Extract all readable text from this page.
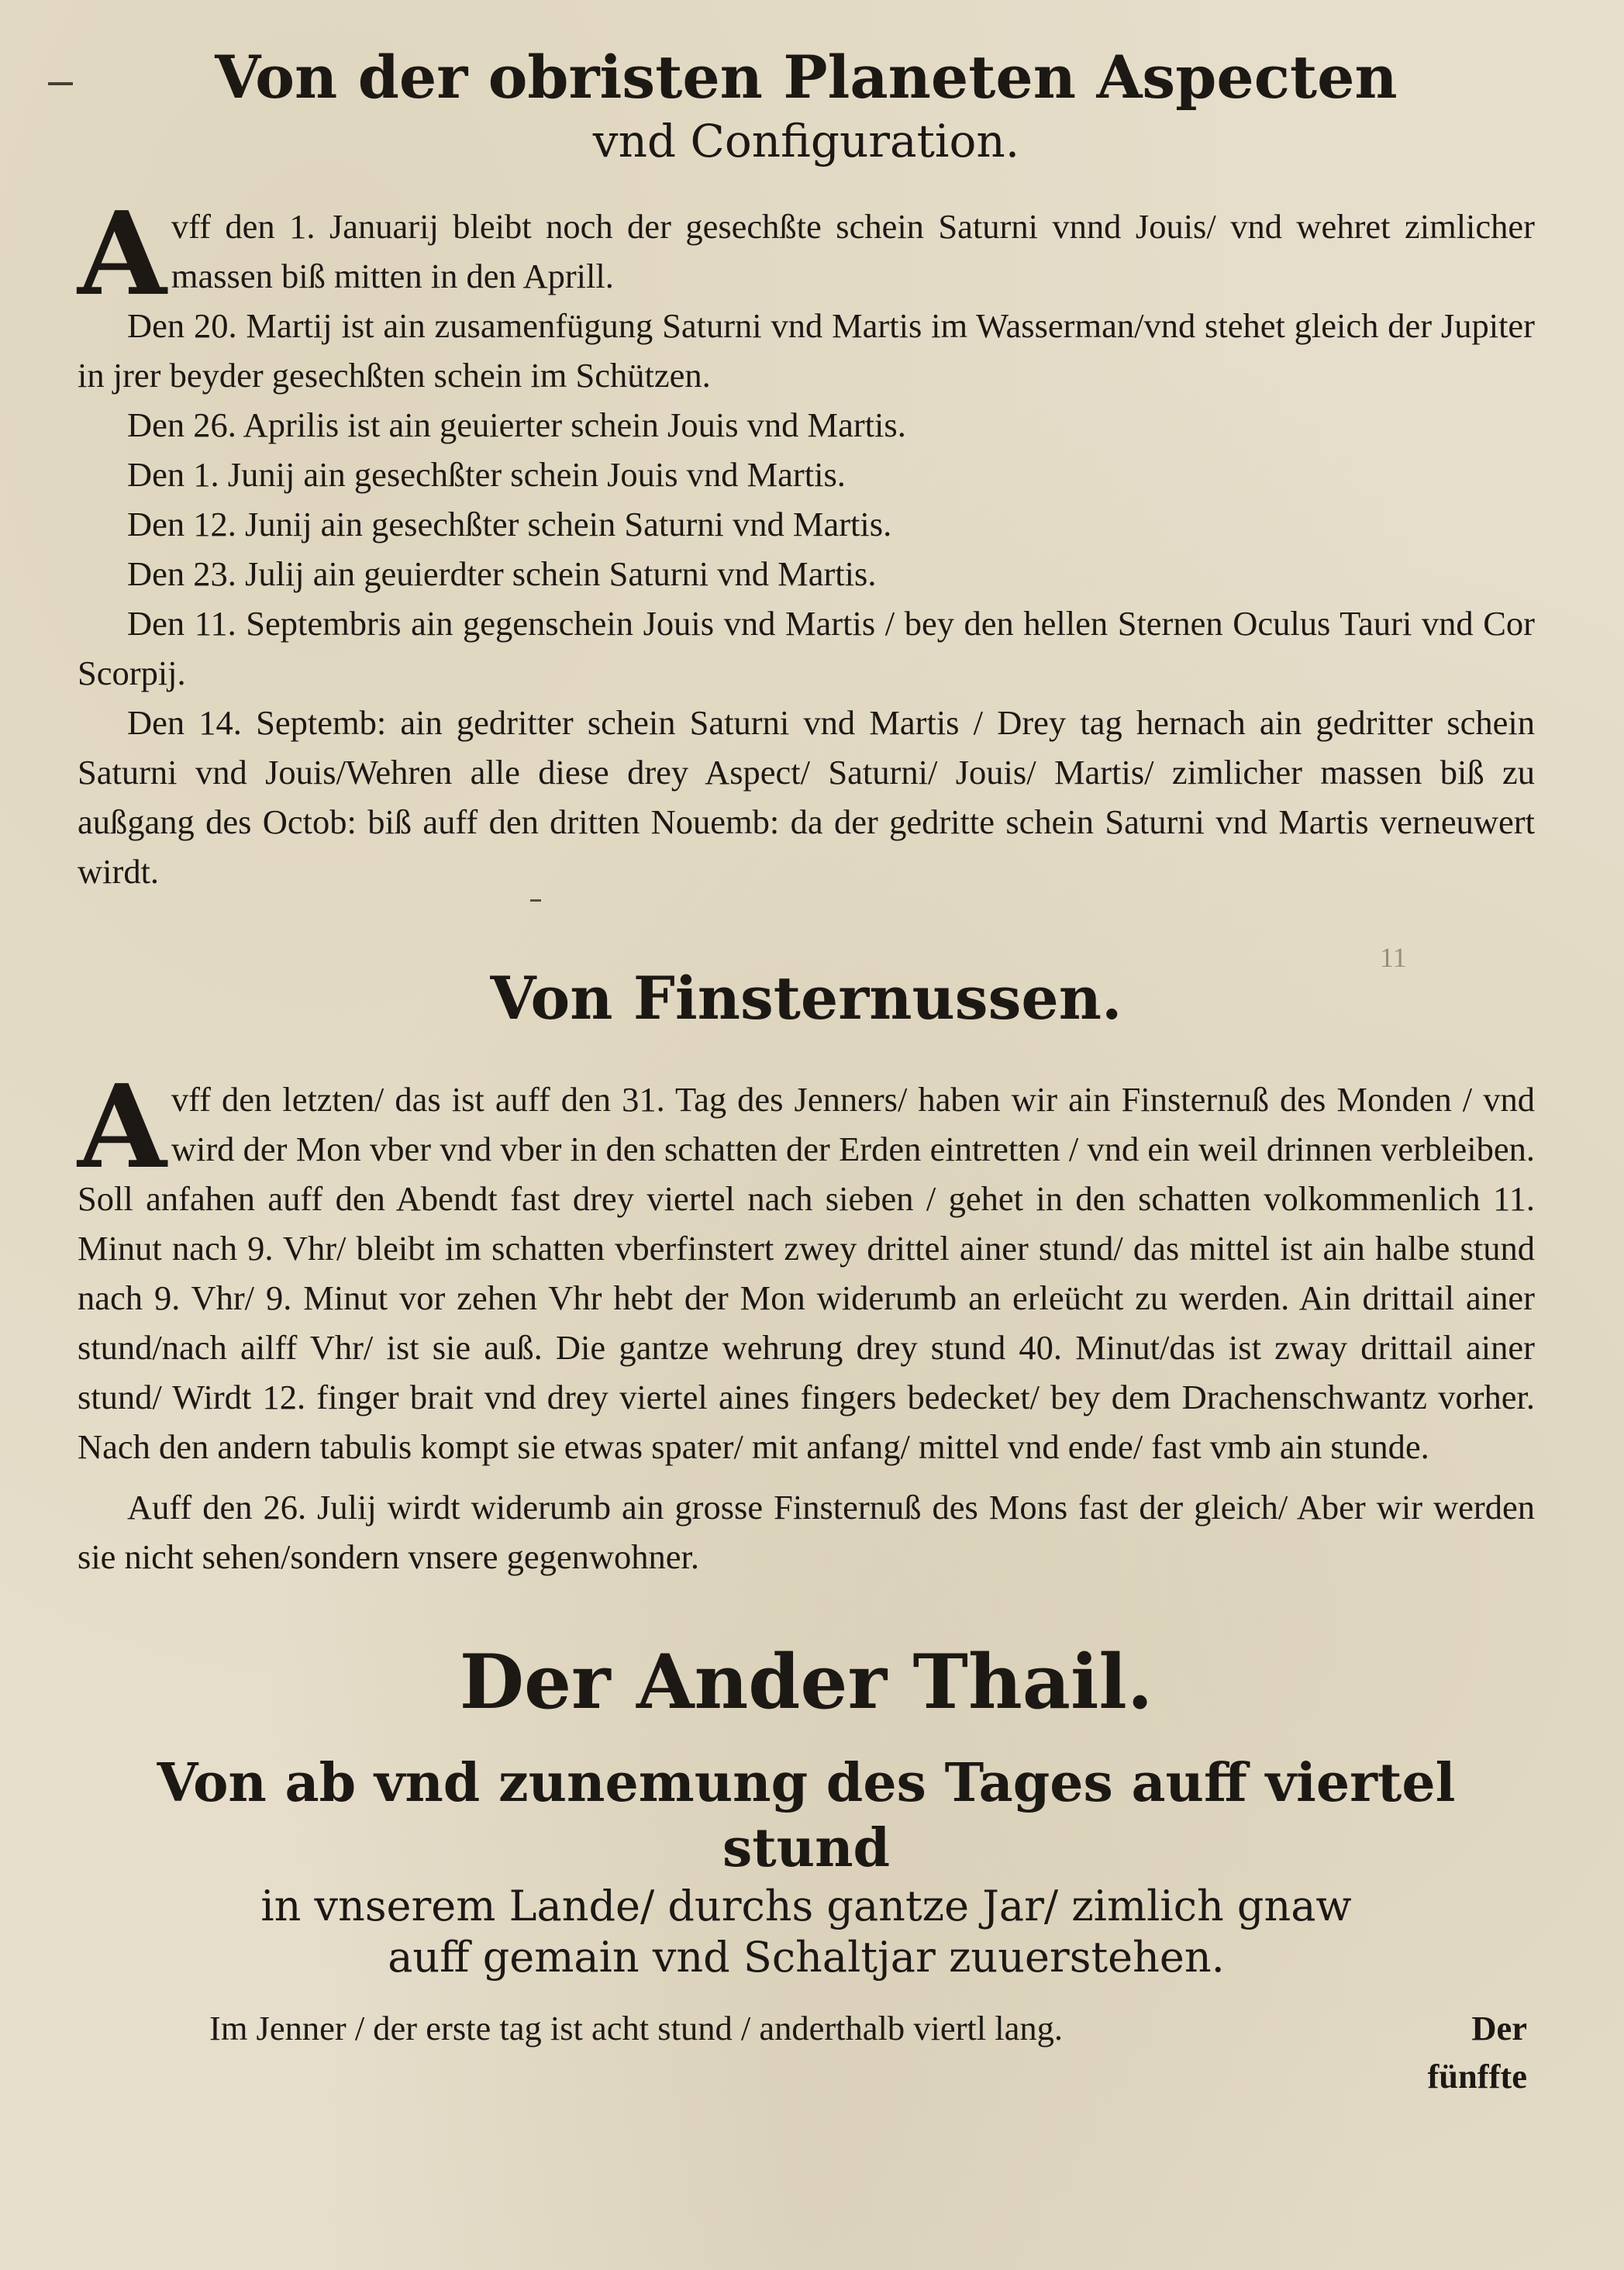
11
Von der obristen Planeten Aspecten
vnd Configuration.

Avff den 1. Januarij bleibt noch der gesechßte schein Saturni vnnd Jouis/ vnd wehret zimlicher massen biß mitten in den Aprill.

Den 20. Martij ist ain zusamenfügung Saturni vnd Martis im Wasserman/vnd stehet gleich der Jupiter in jrer beyder gesechßten schein im Schützen.

Den 26. Aprilis ist ain geuierter schein Jouis vnd Martis.

Den 1. Junij ain gesechßter schein Jouis vnd Martis.

Den 12. Junij ain gesechßter schein Saturni vnd Martis.

Den 23. Julij ain geuierdter schein Saturni vnd Martis.

Den 11. Septembris ain gegenschein Jouis vnd Martis / bey den hellen Sternen Oculus Tauri vnd Cor Scorpij.

Den 14. Septemb: ain gedritter schein Saturni vnd Martis / Drey tag hernach ain gedritter schein Saturni vnd Jouis/Wehren alle diese drey Aspect/ Saturni/ Jouis/ Martis/ zimlicher massen biß zu außgang des Octob: biß auff den dritten Nouemb: da der gedritte schein Saturni vnd Martis verneuwert wirdt.

Von Finsternussen.

Avff den letzten/ das ist auff den 31. Tag des Jenners/ haben wir ain Finsternuß des Monden / vnd wird der Mon vber vnd vber in den schatten der Erden eintretten / vnd ein weil drinnen verbleiben. Soll anfahen auff den Abendt fast drey viertel nach sieben / gehet in den schatten volkommenlich 11. Minut nach 9. Vhr/ bleibt im schatten vberfinstert zwey drittel ainer stund/ das mittel ist ain halbe stund nach 9. Vhr/ 9. Minut vor zehen Vhr hebt der Mon widerumb an erleücht zu werden. Ain drittail ainer stund/nach ailff Vhr/ ist sie auß. Die gantze wehrung drey stund 40. Minut/das ist zway drittail ainer stund/ Wirdt 12. finger brait vnd drey viertel aines fingers bedecket/ bey dem Drachenschwantz vorher. Nach den andern tabulis kompt sie etwas spater/ mit anfang/ mittel vnd ende/ fast vmb ain stunde.

Auff den 26. Julij wirdt widerumb ain grosse Finsternuß des Mons fast der gleich/ Aber wir werden sie nicht sehen/sondern vnsere gegenwohner.

Der Ander Thail.
Von ab vnd zunemung des Tages auff viertel stund
in vnserem Lande/ durchs gantze Jar/ zimlich gnaw
auff gemain vnd Schaltjar zuuerstehen.
Im Jenner / der erste tag ist acht stund / anderthalb viertl lang.	Der
fünffte
